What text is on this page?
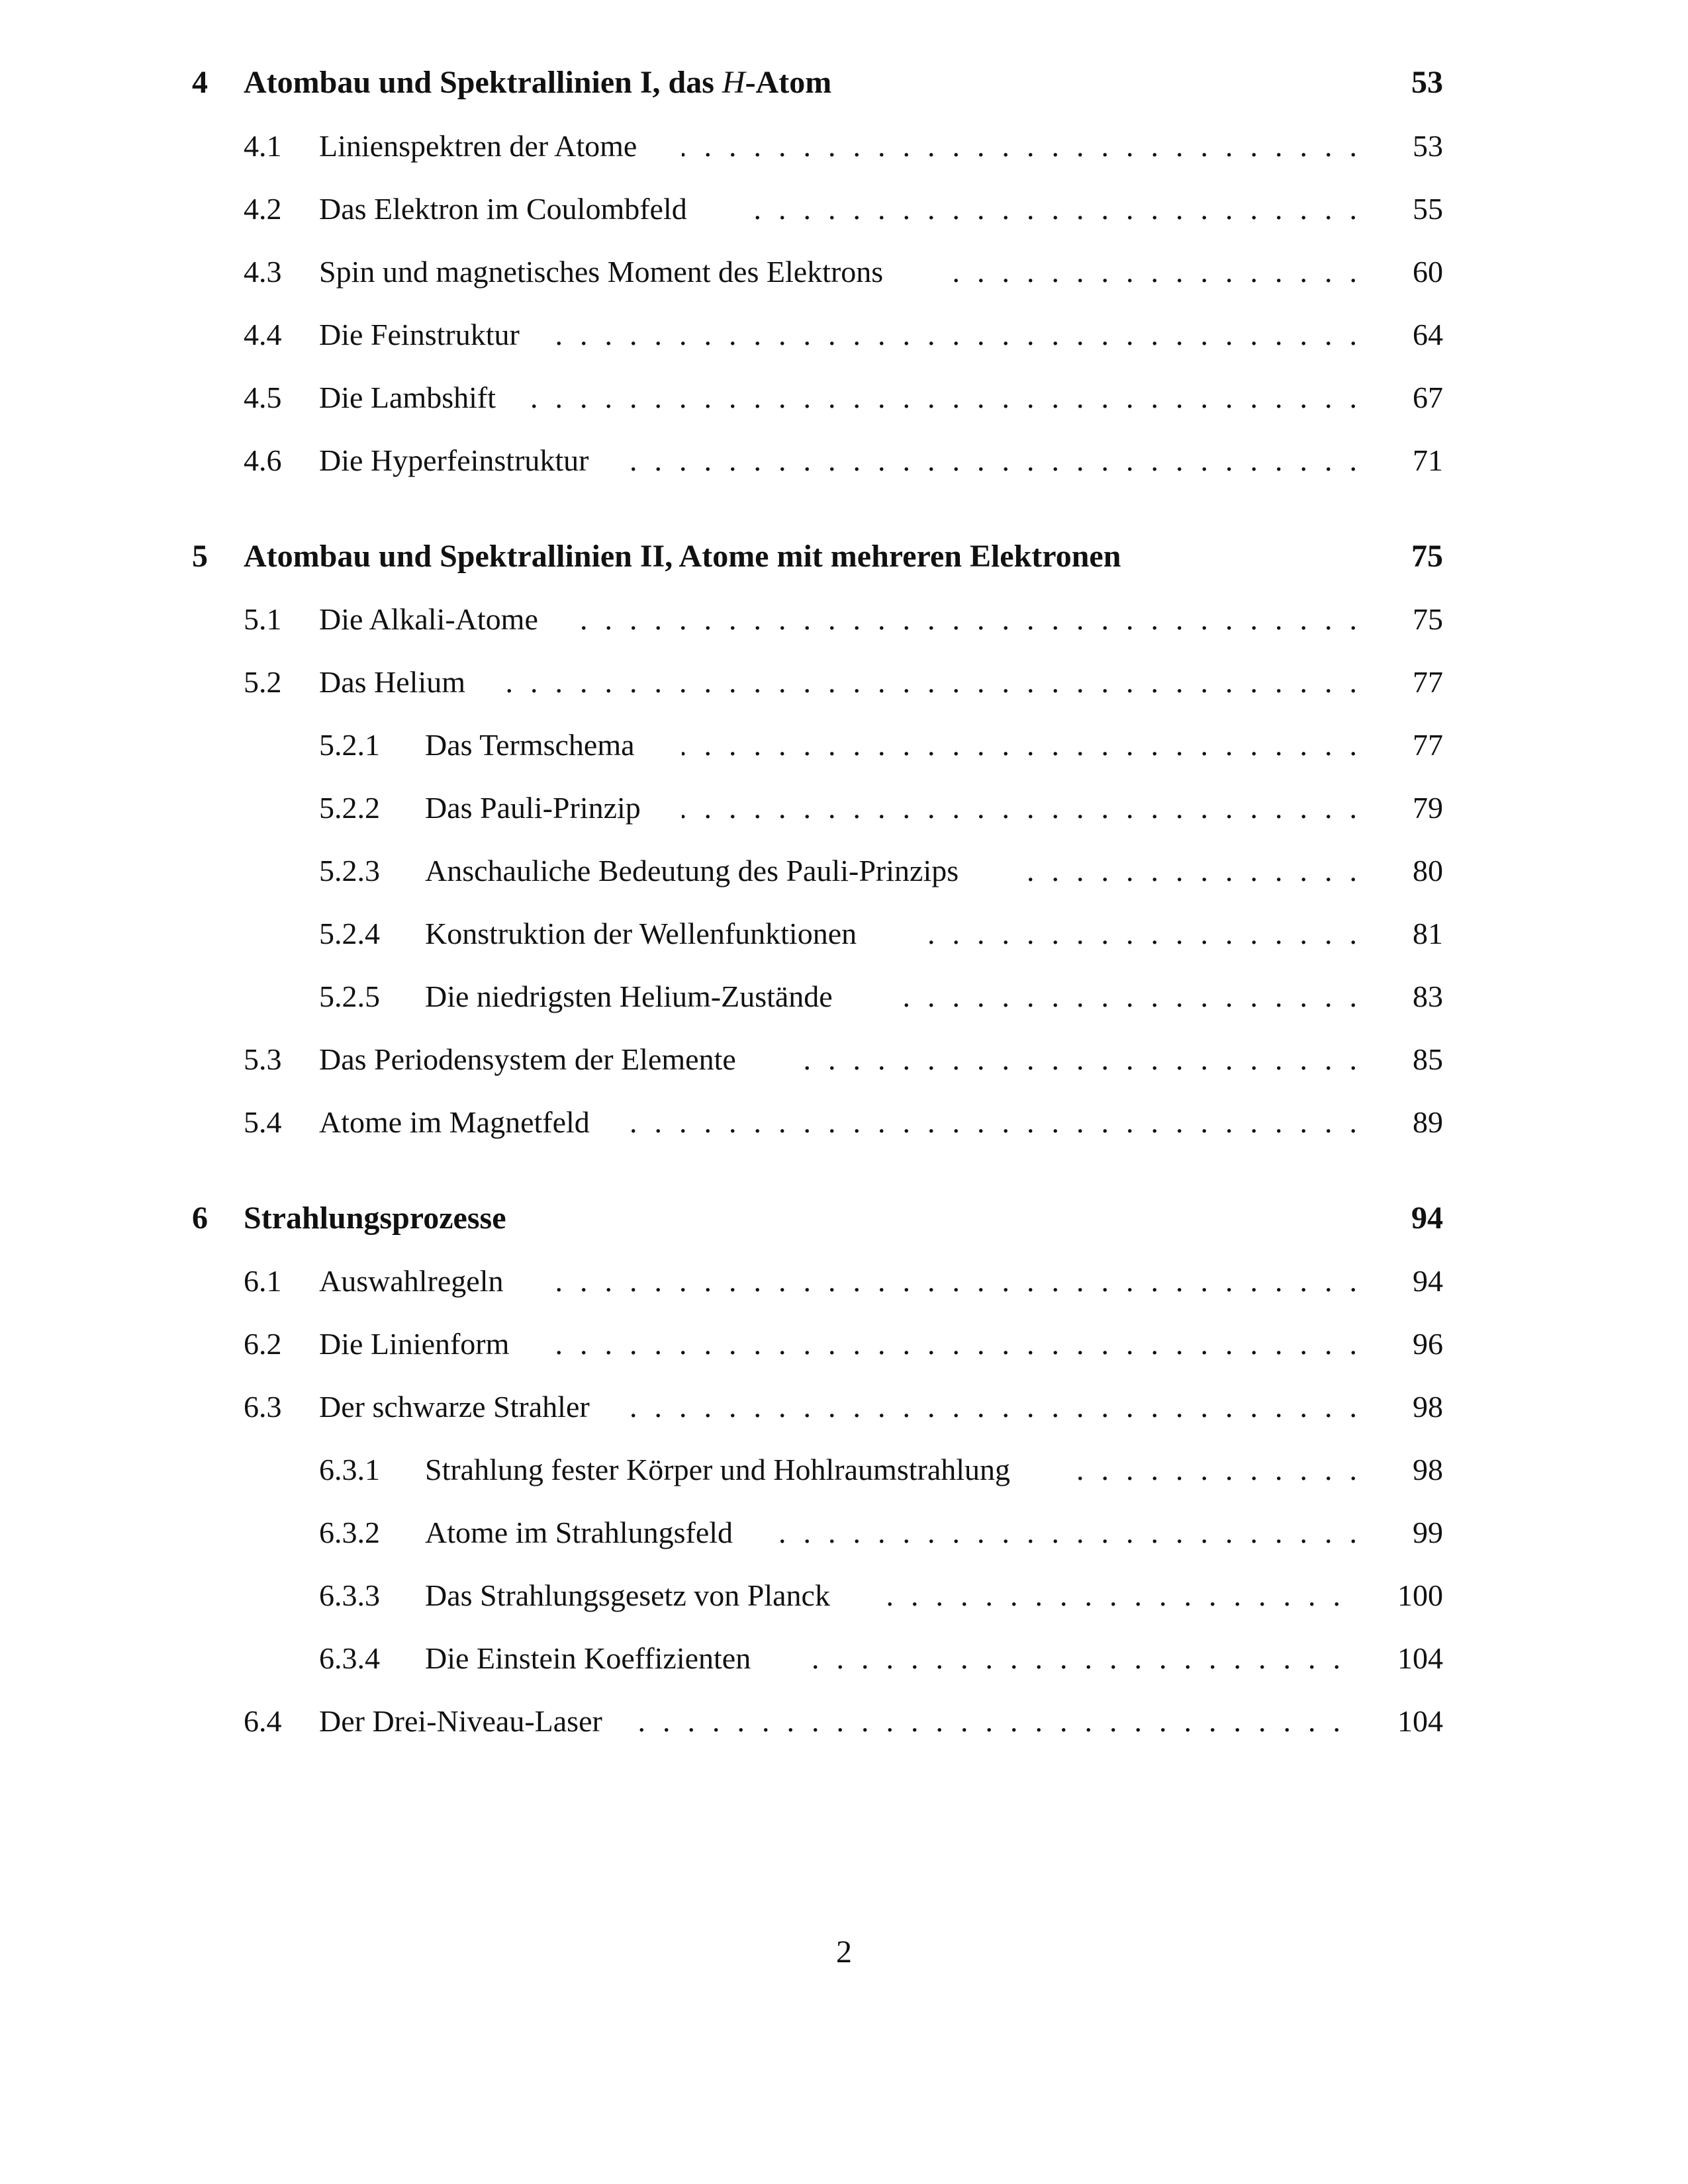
4 Atombau und Spektrallinien I, das H-Atom	53
4.1 Linienspektren der Atome . . .	53
4.2 Das Elektron im Coulombfeld . . .	55
4.3 Spin und magnetisches Moment des Elektrons . . .	60
4.4 Die Feinstruktur . . .	64
4.5 Die Lambshift . . .	67
4.6 Die Hyperfeinstruktur . . .	71
5 Atombau und Spektrallinien II, Atome mit mehreren Elektronen	75
5.1 Die Alkali-Atome . . .	75
5.2 Das Helium . . .	77
5.2.1 Das Termschema . . .	77
5.2.2 Das Pauli-Prinzip . . .	79
5.2.3 Anschauliche Bedeutung des Pauli-Prinzips . . .	80
5.2.4 Konstruktion der Wellenfunktionen . . .	81
5.2.5 Die niedrigsten Helium-Zustände . . .	83
5.3 Das Periodensystem der Elemente . . .	85
5.4 Atome im Magnetfeld . . .	89
6 Strahlungsprozesse	94
6.1 Auswahlregeln . . .	94
6.2 Die Linienform . . .	96
6.3 Der schwarze Strahler . . .	98
6.3.1 Strahlung fester Körper und Hohlraumstrahlung . . .	98
6.3.2 Atome im Strahlungsfeld . . .	99
6.3.3 Das Strahlungsgesetz von Planck . . .	100
6.3.4 Die Einstein Koeffizienten . . .	104
6.4 Der Drei-Niveau-Laser . . .	104
2
